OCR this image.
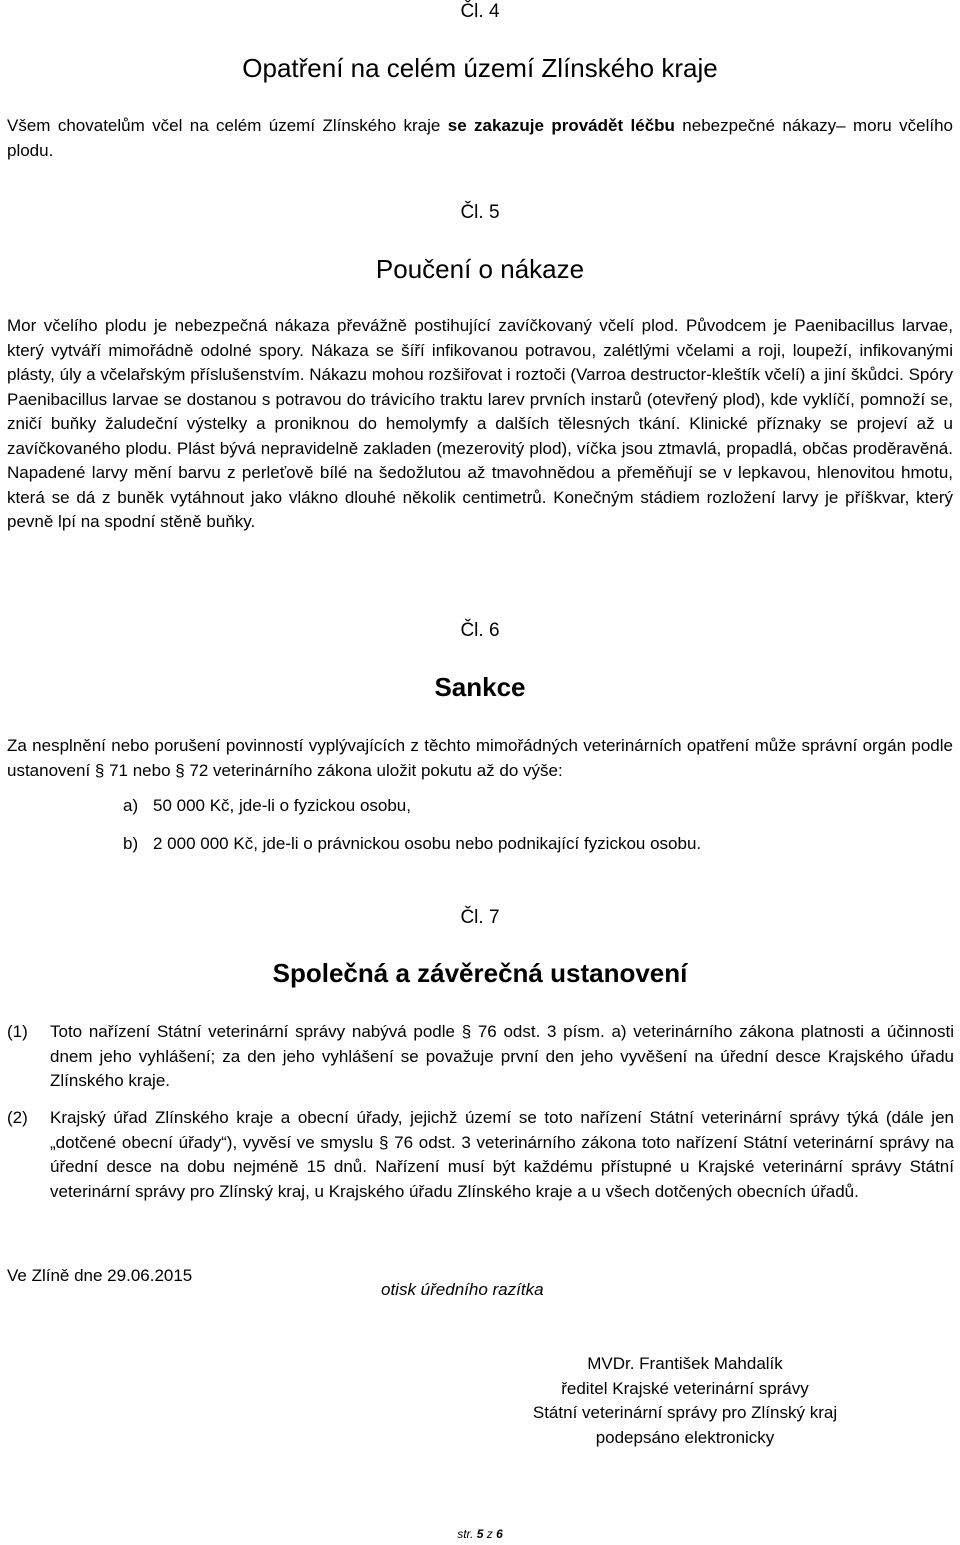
Čl. 4
Opatření na celém území Zlínského kraje
Všem chovatelům včel na celém území Zlínského kraje se zakazuje provádět léčbu nebezpečné nákazy– moru včelího plodu.
Čl. 5
Poučení o nákaze
Mor včelího plodu je nebezpečná nákaza převážně postihující zavíčkovaný včelí plod. Původcem je Paenibacillus larvae, který vytváří mimořádně odolné spory. Nákaza se šíří infikovanou potravou, zalétlými včelami a roji, loupeží, infikovanými plásty, úly a včelařským příslušenstvím. Nákazu mohou rozšiřovat i roztoči (Varroa destructor-kleštík včelí) a jiní škůdci. Spóry Paenibacillus larvae se dostanou s potravou do trávicího traktu larev prvních instarů (otevřený plod), kde vyklíčí, pomnoží se, zničí buňky žaludeční výstelky a proniknou do hemolymfy a dalších tělesných tkání. Klinické příznaky se projeví až u zavíčkovaného plodu. Plást bývá nepravidelně zakladen (mezerovitý plod), víčka jsou ztmavlá, propadlá, občas proděravěná. Napadené larvy mění barvu z perleťově bílé na šedožlutou až tmavohnědou a přeměňují se v lepkavou, hlenovitou hmotu, která se dá z buněk vytáhnout jako vlákno dlouhé několik centimetrů. Konečným stádiem rozložení larvy je příškvar, který pevně lpí na spodní stěně buňky.
Čl. 6
Sankce
Za nesplnění nebo porušení povinností vyplývajících z těchto mimořádných veterinárních opatření může správní orgán podle ustanovení § 71 nebo § 72 veterinárního zákona uložit pokutu až do výše:
a) 50 000 Kč, jde-li o fyzickou osobu,
b) 2 000 000 Kč, jde-li o právnickou osobu nebo podnikající fyzickou osobu.
Čl. 7
Společná a závěrečná ustanovení
(1) Toto nařízení Státní veterinární správy nabývá podle § 76 odst. 3 písm. a) veterinárního zákona platnosti a účinnosti dnem jeho vyhlášení; za den jeho vyhlášení se považuje první den jeho vyvěšení na úřední desce Krajského úřadu Zlínského kraje.
(2) Krajský úřad Zlínského kraje a obecní úřady, jejichž území se toto nařízení Státní veterinární správy týká (dále jen „dotčené obecní úřady“), vyvěsí ve smyslu § 76 odst. 3 veterinárního zákona toto nařízení Státní veterinární správy na úřední desce na dobu nejméně 15 dnů. Nařízení musí být každému přístupné u Krajské veterinární správy Státní veterinární správy pro Zlínský kraj, u Krajského úřadu Zlínského kraje a u všech dotčených obecních úřadů.
Ve Zlíně dne 29.06.2015
otisk úředního razítka
MVDr. František Mahdalík
ředitel Krajské veterinární správy
Státní veterinární správy pro Zlínský kraj
podepsáno elektronicky
str. 5 z 6
